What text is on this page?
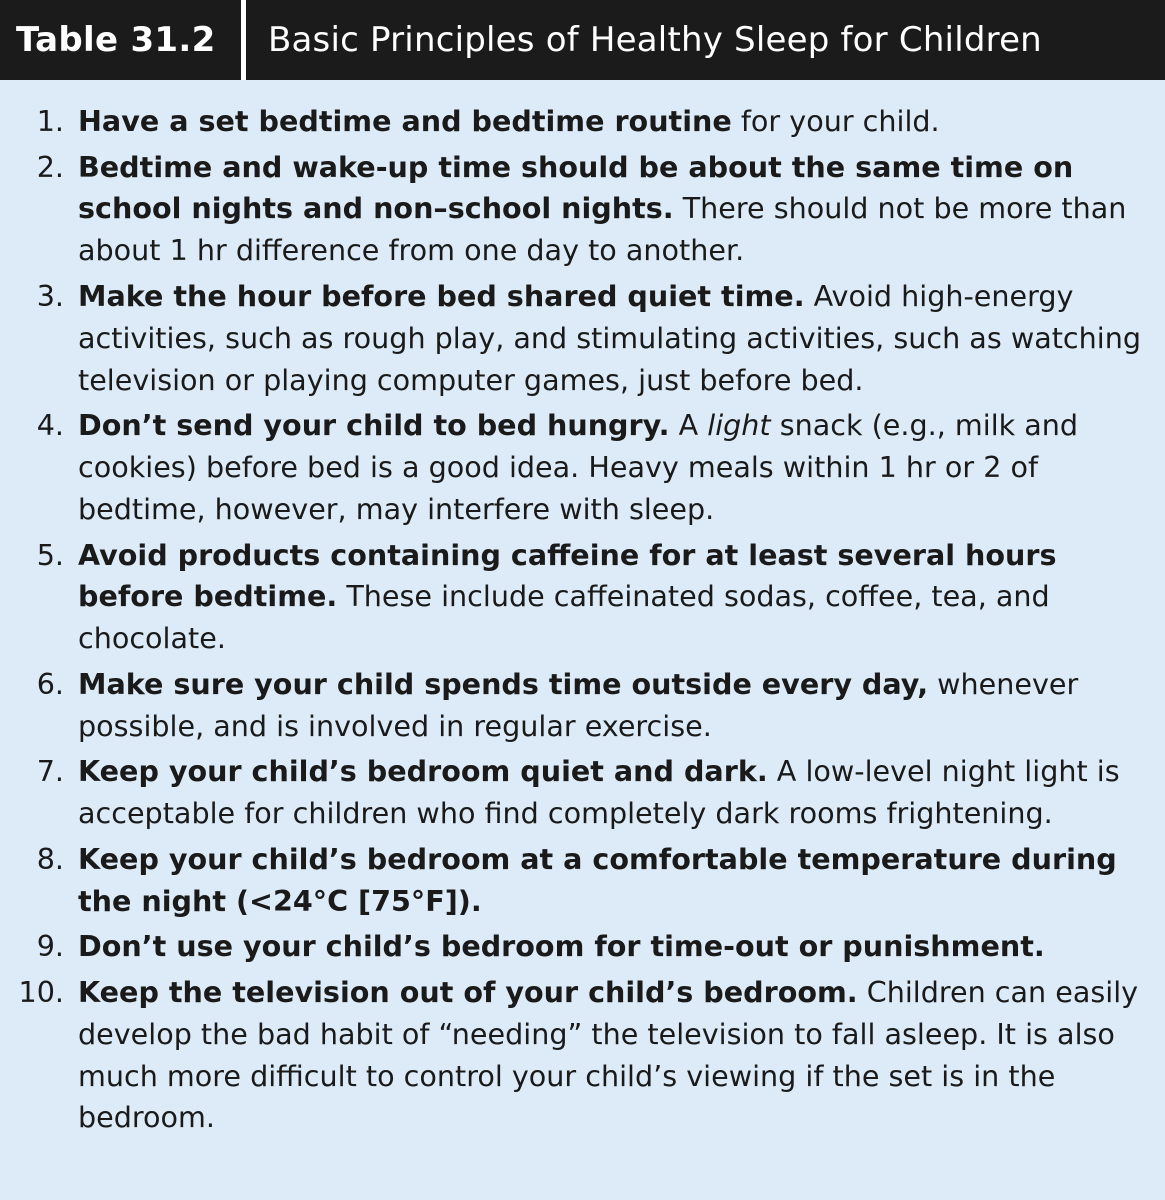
Table 31.2 Basic Principles of Healthy Sleep for Children
1. Have a set bedtime and bedtime routine for your child.
2. Bedtime and wake-up time should be about the same time on school nights and non–school nights. There should not be more than about 1 hr difference from one day to another.
3. Make the hour before bed shared quiet time. Avoid high-energy activities, such as rough play, and stimulating activities, such as watching television or playing computer games, just before bed.
4. Don’t send your child to bed hungry. A light snack (e.g., milk and cookies) before bed is a good idea. Heavy meals within 1 hr or 2 of bedtime, however, may interfere with sleep.
5. Avoid products containing caffeine for at least several hours before bedtime. These include caffeinated sodas, coffee, tea, and chocolate.
6. Make sure your child spends time outside every day, whenever possible, and is involved in regular exercise.
7. Keep your child’s bedroom quiet and dark. A low-level night light is acceptable for children who find completely dark rooms frightening.
8. Keep your child’s bedroom at a comfortable temperature during the night (<24°C [75°F]).
9. Don’t use your child’s bedroom for time-out or punishment.
10. Keep the television out of your child’s bedroom. Children can easily develop the bad habit of “needing” the television to fall asleep. It is also much more difficult to control your child’s viewing if the set is in the bedroom.
